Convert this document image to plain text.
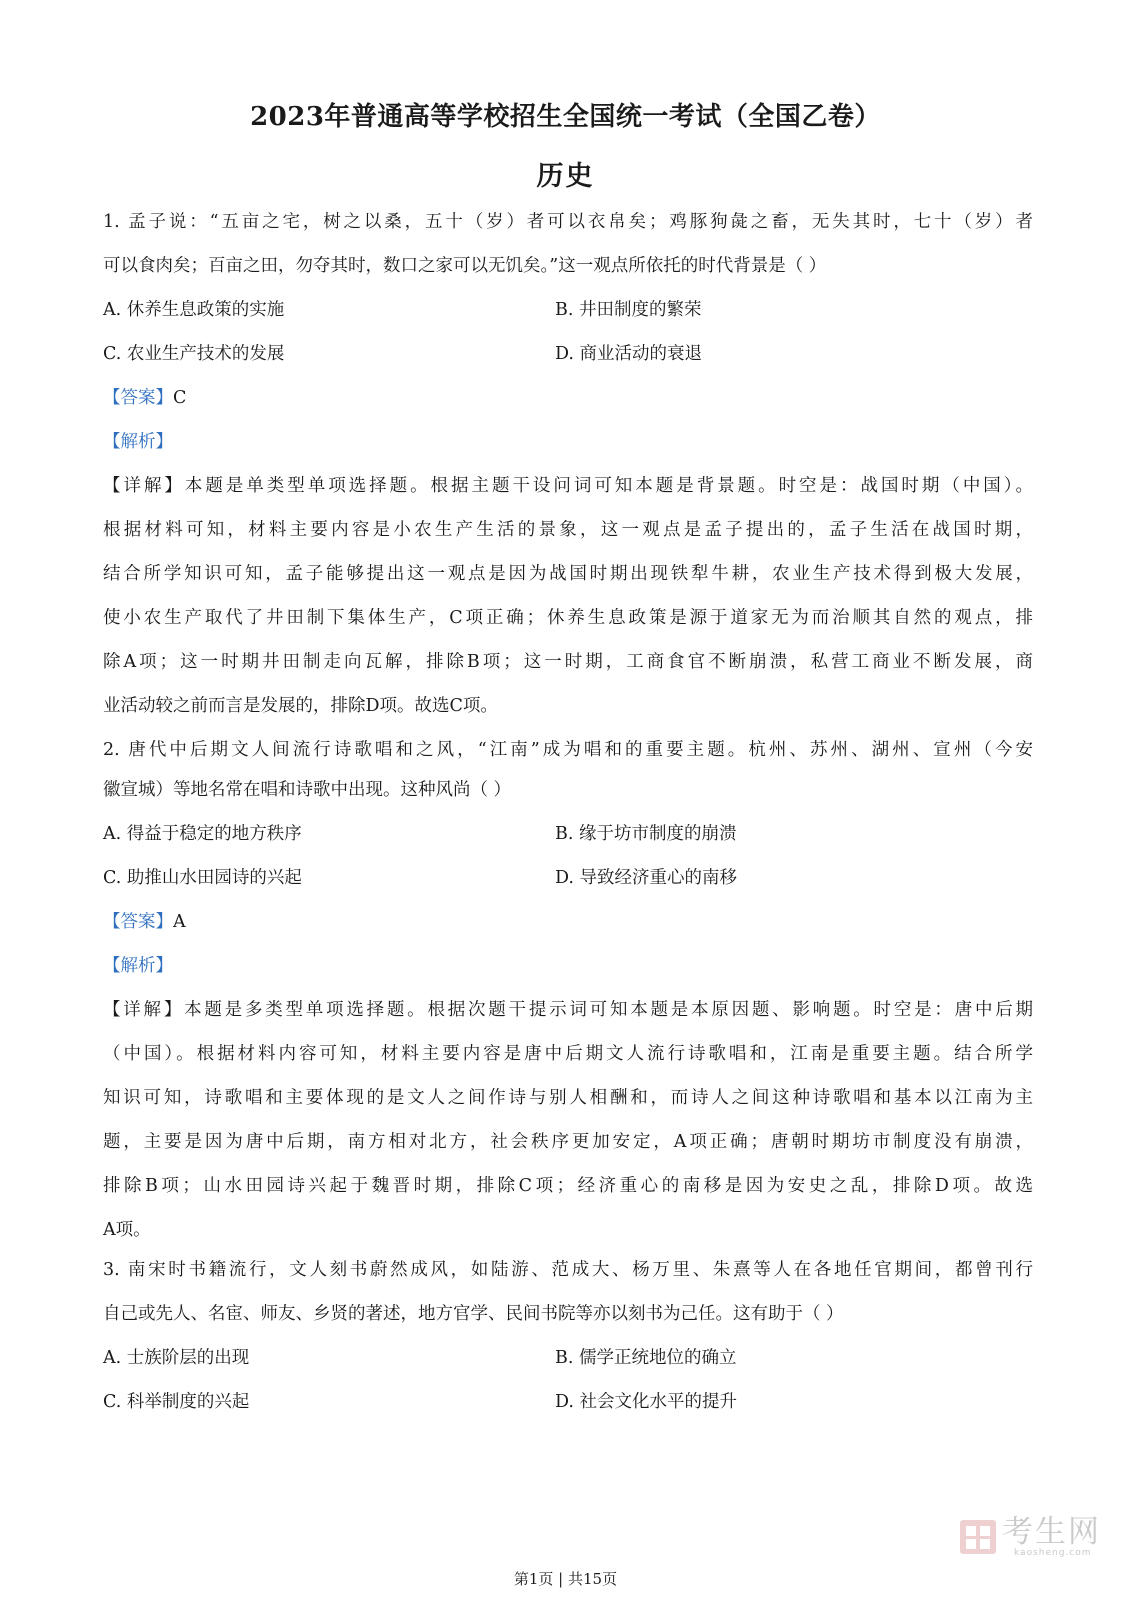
2023年普通高等学校招生全国统一考试（全国乙卷）
历史
1. 孟子说：“五亩之宅，树之以桑，五十（岁）者可以衣帛矣；鸡豚狗彘之畜，无失其时，七十（岁）者
可以食肉矣；百亩之田，勿夺其时，数口之家可以无饥矣。”这一观点所依托的时代背景是（ ）
A. 休养生息政策的实施	B. 井田制度的繁荣
C. 农业生产技术的发展	D. 商业活动的衰退
【答案】C
【解析】
【详解】本题是单类型单项选择题。根据主题干设问词可知本题是背景题。时空是：战国时期（中国）。
根据材料可知，材料主要内容是小农生产生活的景象，这一观点是孟子提出的，孟子生活在战国时期，
结合所学知识可知，孟子能够提出这一观点是因为战国时期出现铁犁牛耕，农业生产技术得到极大发展，
使小农生产取代了井田制下集体生产，C项正确；休养生息政策是源于道家无为而治顺其自然的观点，排
除A项；这一时期井田制走向瓦解，排除B项；这一时期，工商食官不断崩溃，私营工商业不断发展，商
业活动较之前而言是发展的，排除D项。故选C项。
2. 唐代中后期文人间流行诗歌唱和之风，“江南”成为唱和的重要主题。杭州、苏州、湖州、宣州（今安
徽宣城）等地名常在唱和诗歌中出现。这种风尚（ ）
A. 得益于稳定的地方秩序	B. 缘于坊市制度的崩溃
C. 助推山水田园诗的兴起	D. 导致经济重心的南移
【答案】A
【解析】
【详解】本题是多类型单项选择题。根据次题干提示词可知本题是本原因题、影响题。时空是：唐中后期
（中国）。根据材料内容可知，材料主要内容是唐中后期文人流行诗歌唱和，江南是重要主题。结合所学
知识可知，诗歌唱和主要体现的是文人之间作诗与别人相酬和，而诗人之间这种诗歌唱和基本以江南为主
题，主要是因为唐中后期，南方相对北方，社会秩序更加安定，A项正确；唐朝时期坊市制度没有崩溃，
排除B项；山水田园诗兴起于魏晋时期，排除C项；经济重心的南移是因为安史之乱，排除D项。故选
A项。
3. 南宋时书籍流行，文人刻书蔚然成风，如陆游、范成大、杨万里、朱熹等人在各地任官期间，都曾刊行
自己或先人、名宦、师友、乡贤的著述，地方官学、民间书院等亦以刻书为己任。这有助于（ ）
A. 士族阶层的出现	B. 儒学正统地位的确立
C. 科举制度的兴起	D. 社会文化水平的提升
考生网
kaosheng.com
第1页 | 共15页
